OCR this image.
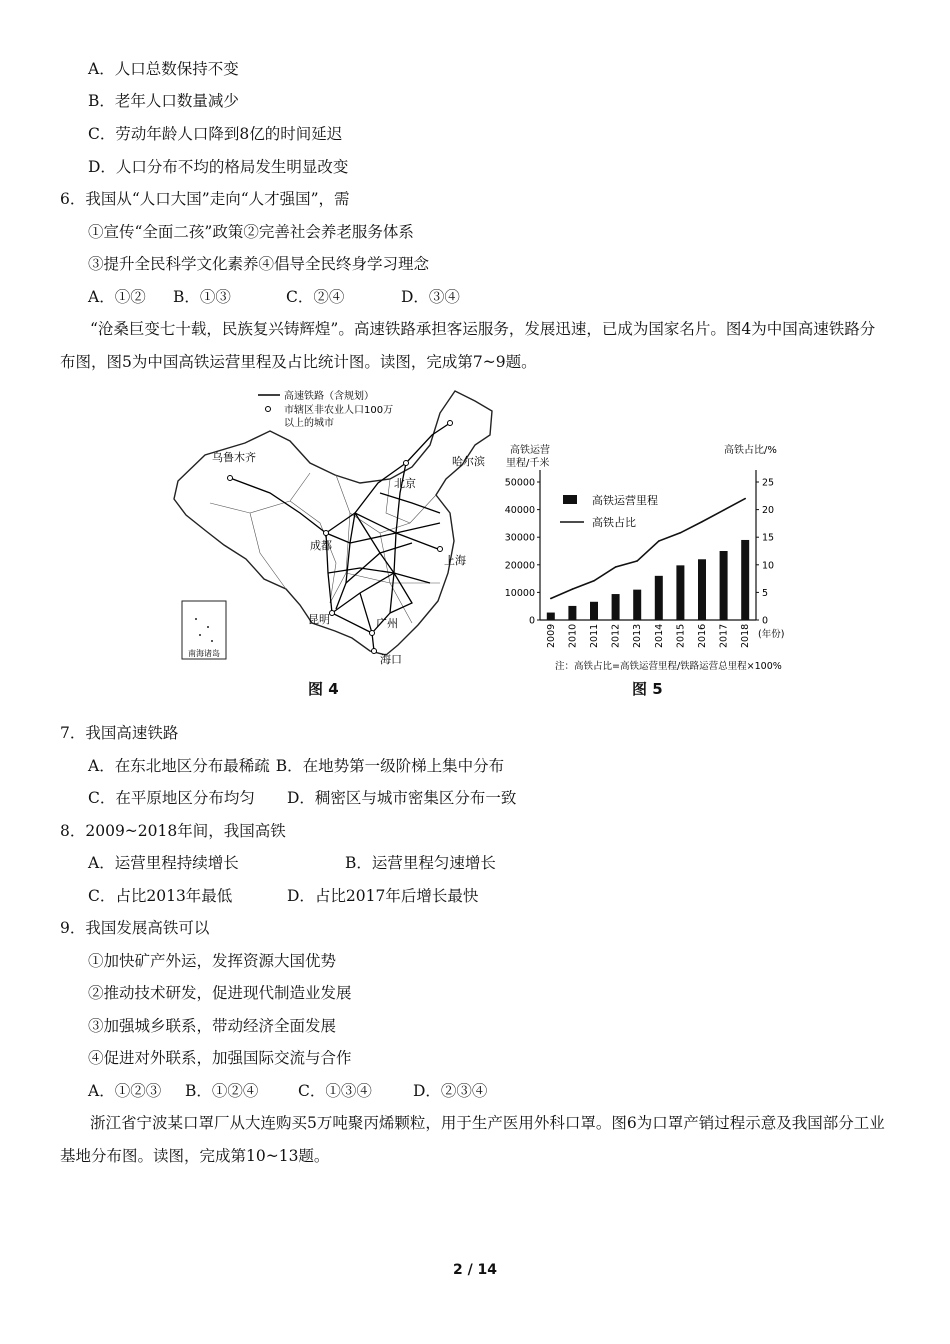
A．人口总数保持不变
B．老年人口数量减少
C．劳动年龄人口降到8亿的时间延迟
D．人口分布不均的格局发生明显改变
6．我国从“人口大国”走向“人才强国”，需
①宣传“全面二孩”政策②完善社会养老服务体系
③提升全民科学文化素养④倡导全民终身学习理念
A．①② B．①③	C．②④	D．③④
“沧桑巨变七十载，民族复兴铸辉煌”。高速铁路承担客运服务，发展迅速，已成为国家名片。图4为中国高速铁路分布图，图5为中国高铁运营里程及占比统计图。读图，完成第7~9题。
南海诸岛
高速铁路（含规划）
市辖区非农业人口100万
以上的城市
乌鲁木齐	哈尔滨
北京
上海
成都
昆明	广州
海口
图 4
高铁运营
里程/千米
高铁占比/%
0
10000
20000
30000
40000
50000
0
5
10
15
20
25
2009 2010 2011 2012 2013 2014 2015 2016 2017 2018 (年份)
高铁运营里程
高铁占比
注：高铁占比=高铁运营里程/铁路运营总里程×100%
图 5
7．我国高速铁路
A．在东北地区分布最稀疏 B．在地势第一级阶梯上集中分布
C．在平原地区分布均匀 D．稠密区与城市密集区分布一致
8．2009~2018年间，我国高铁
A．运营里程持续增长	B．运营里程匀速增长
C．占比2013年最低	D．占比2017年后增长最快
9．我国发展高铁可以
①加快矿产外运，发挥资源大国优势
②推动技术研发，促进现代制造业发展
③加强城乡联系，带动经济全面发展
④促进对外联系，加强国际交流与合作
A．①②③ B．①②④	C．①③④	D．②③④
浙江省宁波某口罩厂从大连购买5万吨聚丙烯颗粒，用于生产医用外科口罩。图6为口罩产销过程示意及我国部分工业基地分布图。读图，完成第10~13题。
2 / 14
